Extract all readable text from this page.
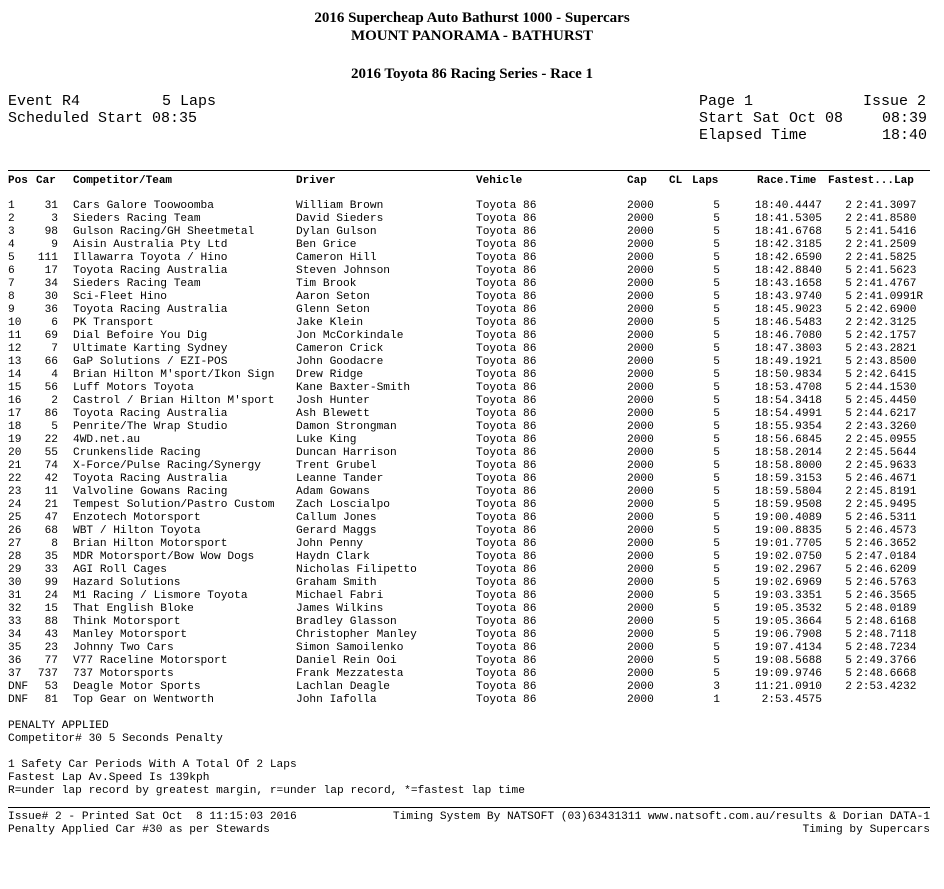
2016 Supercheap Auto Bathurst 1000 - Supercars
MOUNT PANORAMA - BATHURST
2016 Toyota 86 Racing Series - Race 1
Event R4	5 Laps
Scheduled Start 08:35
Page 1	Issue 2
Start Sat Oct 08	08:39
Elapsed Time	18:40
Pos Car Competitor/Team	Driver	Vehicle	Cap CL Laps	Race.Time Fastest...Lap
1	31 Cars Galore Toowoomba	William Brown	Toyota 86	2000	5	18:40.4447	2 2:41.3097
2	3 Sieders Racing Team	David Sieders	Toyota 86	2000	5	18:41.5305	2 2:41.8580
3	98 Gulson Racing/GH Sheetmetal	Dylan Gulson	Toyota 86	2000	5	18:41.6768	5 2:41.5416
4	9 Aisin Australia Pty Ltd	Ben Grice	Toyota 86	2000	5	18:42.3185	2 2:41.2509
5	111 Illawarra Toyota / Hino	Cameron Hill	Toyota 86	2000	5	18:42.6590	2 2:41.5825
6	17 Toyota Racing Australia	Steven Johnson	Toyota 86	2000	5	18:42.8840	5 2:41.5623
7	34 Sieders Racing Team	Tim Brook	Toyota 86	2000	5	18:43.1658	5 2:41.4767
8	30 Sci-Fleet Hino	Aaron Seton	Toyota 86	2000	5	18:43.9740	5 2:41.0991R
9	36 Toyota Racing Australia	Glenn Seton	Toyota 86	2000	5	18:45.9023	5 2:42.6900
10	6 PK Transport	Jake Klein	Toyota 86	2000	5	18:46.5483	2 2:42.3125
11	69 Dial Befoire You Dig	Jon McCorkindale	Toyota 86	2000	5	18:46.7080	5 2:42.1757
12	7 Ultimate Karting Sydney	Cameron Crick	Toyota 86	2000	5	18:47.3803	5 2:43.2821
13	66 GaP Solutions / EZI-POS	John Goodacre	Toyota 86	2000	5	18:49.1921	5 2:43.8500
14	4 Brian Hilton M'sport/Ikon Sign	Drew Ridge	Toyota 86	2000	5	18:50.9834	5 2:42.6415
15	56 Luff Motors Toyota	Kane Baxter-Smith	Toyota 86	2000	5	18:53.4708	5 2:44.1530
16	2 Castrol / Brian Hilton M'sport	Josh Hunter	Toyota 86	2000	5	18:54.3418	5 2:45.4450
17	86 Toyota Racing Australia	Ash Blewett	Toyota 86	2000	5	18:54.4991	5 2:44.6217
18	5 Penrite/The Wrap Studio	Damon Strongman	Toyota 86	2000	5	18:55.9354	2 2:43.3260
19	22 4WD.net.au	Luke King	Toyota 86	2000	5	18:56.6845	2 2:45.0955
20	55 Crunkenslide Racing	Duncan Harrison	Toyota 86	2000	5	18:58.2014	2 2:45.5644
21	74 X-Force/Pulse Racing/Synergy	Trent Grubel	Toyota 86	2000	5	18:58.8000	2 2:45.9633
22	42 Toyota Racing Australia	Leanne Tander	Toyota 86	2000	5	18:59.3153	5 2:46.4671
23	11 Valvoline Gowans Racing	Adam Gowans	Toyota 86	2000	5	18:59.5804	2 2:45.8191
24	21 Tempest Solution/Pastro Custom	Zach Loscialpo	Toyota 86	2000	5	18:59.9508	2 2:45.9495
25	47 Enzotech Motorsport	Callum Jones	Toyota 86	2000	5	19:00.4089	5 2:46.5311
26	68 WBT / Hilton Toyota	Gerard Maggs	Toyota 86	2000	5	19:00.8835	5 2:46.4573
27	8 Brian Hilton Motorsport	John Penny	Toyota 86	2000	5	19:01.7705	5 2:46.3652
28	35 MDR Motorsport/Bow Wow Dogs	Haydn Clark	Toyota 86	2000	5	19:02.0750	5 2:47.0184
29	33 AGI Roll Cages	Nicholas Filipetto	Toyota 86	2000	5	19:02.2967	5 2:46.6209
30	99 Hazard Solutions	Graham Smith	Toyota 86	2000	5	19:02.6969	5 2:46.5763
31	24 M1 Racing / Lismore Toyota	Michael Fabri	Toyota 86	2000	5	19:03.3351	5 2:46.3565
32	15 That English Bloke	James Wilkins	Toyota 86	2000	5	19:05.3532	5 2:48.0189
33	88 Think Motorsport	Bradley Glasson	Toyota 86	2000	5	19:05.3664	5 2:48.6168
34	43 Manley Motorsport	Christopher Manley	Toyota 86	2000	5	19:06.7908	5 2:48.7118
35	23 Johnny Two Cars	Simon Samoilenko	Toyota 86	2000	5	19:07.4134	5 2:48.7234
36	77 V77 Raceline Motorsport	Daniel Rein Ooi	Toyota 86	2000	5	19:08.5688	5 2:49.3766
37	737 737 Motorsports	Frank Mezzatesta	Toyota 86	2000	5	19:09.9746	5 2:48.6668
DNF	53 Deagle Motor Sports	Lachlan Deagle	Toyota 86	2000	3	11:21.0910	2 2:53.4232
DNF	81 Top Gear on Wentworth	John Iafolla	Toyota 86	2000	1	2:53.4575
PENALTY APPLIED
Competitor# 30 5 Seconds Penalty
1 Safety Car Periods With A Total Of 2 Laps
Fastest Lap Av.Speed Is 139kph
R=under lap record by greatest margin, r=under lap record, *=fastest lap time
Issue# 2 - Printed Sat Oct  8 11:15:03 2016	Timing System By NATSOFT (03)63431311 www.natsoft.com.au/results & Dorian DATA-1
Penalty Applied Car #30 as per Stewards	Timing by Supercars
